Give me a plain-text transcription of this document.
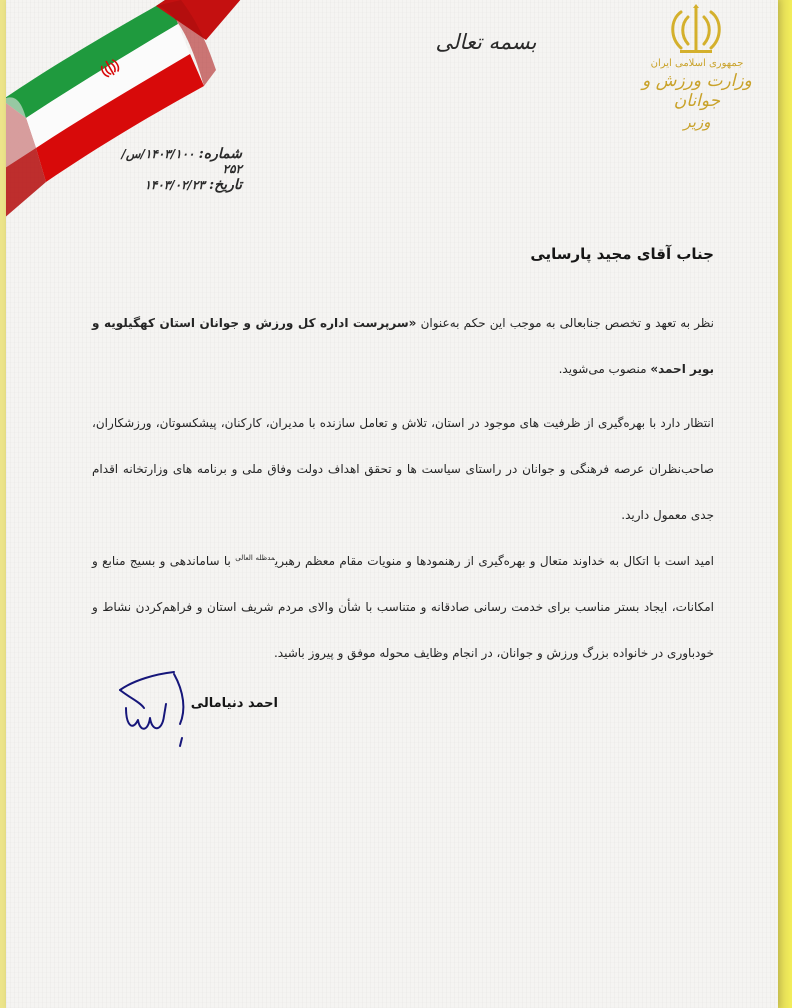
جمهوری اسلامی ایران
وزارت ورزش و جوانان
وزیر
بسمه تعالی
شماره: ۱۴۰۳/۱۰۰/س/۲۵۲
تاریخ: ۱۴۰۳/۰۲/۲۳
جناب آقای مجید پارسایی

نظر به تعهد و تخصص جنابعالی به موجب این حکم به‌عنوان «سرپرست اداره کل ورزش و جوانان استان کهگیلویه و بویر احمد» منصوب می‌شوید.

انتظار دارد با بهره‌گیری از ظرفیت های موجود در استان، تلاش و تعامل سازنده با مدیران، کارکنان، پیشکسوتان، ورزشکاران، صاحب‌نظران عرصه فرهنگی و جوانان در راستای سیاست ها و تحقق اهداف دولت وفاق ملی و برنامه های وزارتخانه اقدام جدی معمول دارید.

امید است با اتکال به خداوند متعال و بهره‌گیری از رهنمودها و منویات مقام معظم رهبری$^{مدظله العالی}$ با ساماندهی و بسیج منابع و امکانات، ایجاد بستر مناسب برای خدمت رسانی صادقانه و متناسب با شأن والای مردم شریف استان و فراهم‌کردن نشاط و خودباوری در خانواده بزرگ ورزش و جوانان، در انجام وظایف محوله موفق و پیروز باشید.

احمد دنیامالی
